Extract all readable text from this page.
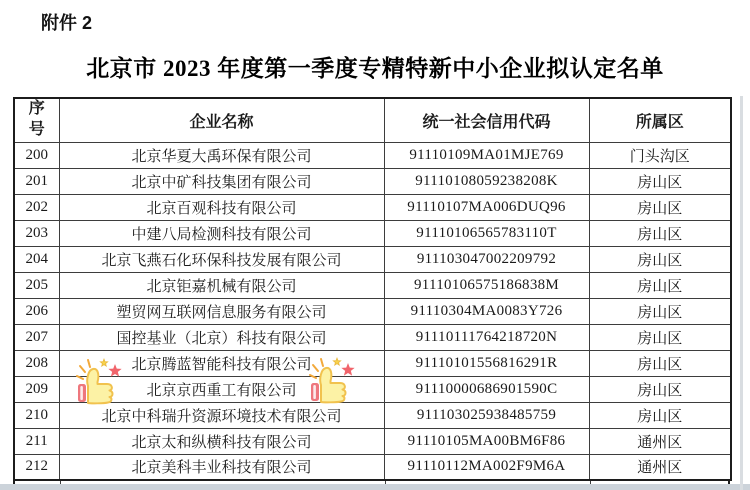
附件 2
北京市 2023 年度第一季度专精特新中小企业拟认定名单
序号	企业名称	统一社会信用代码	所属区
200	北京华夏大禹环保有限公司	91110109MA01MJE769	门头沟区
201	北京中矿科技集团有限公司	91110108059238208K	房山区
202	北京百观科技有限公司	91110107MA006DUQ96	房山区
203	中建八局检测科技有限公司	91110106565783110T	房山区
204	北京飞燕石化环保科技发展有限公司	911103047002209792	房山区
205	北京钜嘉机械有限公司	91110106575186838M	房山区
206	塑贸网互联网信息服务有限公司	91110304MA0083Y726	房山区
207	国控基业（北京）科技有限公司	91110111764218720N	房山区
208	北京腾蓝智能科技有限公司	91110101556816291R	房山区
209	北京京西重工有限公司	91110000686901590C	房山区
210	北京中科瑞升资源环境技术有限公司	911103025938485759	房山区
211	北京太和纵横科技有限公司	91110105MA00BM6F86	通州区
212	北京美科丰业科技有限公司	91110112MA002F9M6A	通州区
